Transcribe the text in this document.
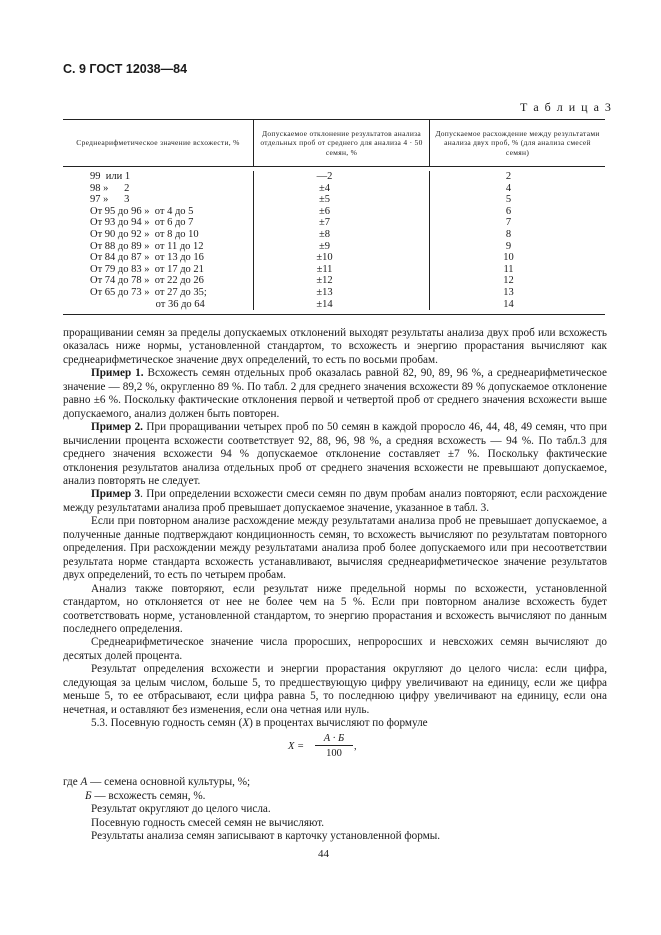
С. 9 ГОСТ 12038—84
Т а б л и ц а 3
Среднеарифметическое значение всхожести, %
Допускаемое отклонение результатов анализа отдельных проб от среднего для анализа 4 · 50 семян, %
Допускаемое расхождение между результатами анализа двух проб, % (для анализа смесей семян)
99  или 1
98 »      2
97 »      3
От 95 до 96 »  от 4 до 5
От 93 до 94 »  от 6 до 7
От 90 до 92 »  от 8 до 10
От 88 до 89 »  от 11 до 12
От 84 до 87 »  от 13 до 16
От 79 до 83 »  от 17 до 21
От 74 до 78 »  от 22 до 26
От 65 до 73 »  от 27 до 35;
от 36 до 64
—2
±4
±5
±6
±7
±8
±9
±10
±11
±12
±13
±14
2
4
5
6
7
8
9
10
11
12
13
14

проращивании семян за пределы допускаемых отклонений выходят результаты анализа двух проб или всхожесть оказалась ниже нормы, установленной стандартом, то всхожесть и энергию прорастания вычисляют как среднеарифметическое значение двух определений, то есть по восьми пробам.

Пример 1. Всхожесть семян отдельных проб оказалась равной 82, 90, 89, 96 %, а среднеарифметическое значение — 89,2 %, округленно 89 %. По табл. 2 для среднего значения всхожести 89 % допускаемое отклонение равно ±6 %. Поскольку фактические отклонения первой и четвертой проб от среднего значения всхожести выше допускаемого, анализ должен быть повторен.

Пример 2. При проращивании четырех проб по 50 семян в каждой проросло 46, 44, 48, 49 семян, что при вычислении процента всхожести соответствует 92, 88, 96, 98 %, а средняя всхожесть — 94 %. По табл.3 для среднего значения всхожести 94 % допускаемое отклонение составляет ±7 %. Поскольку фактические отклонения результатов анализа отдельных проб от среднего значения всхожести не превышают допускаемое, анализ повторять не следует.

Пример 3. При определении всхожести смеси семян по двум пробам анализ повторяют, если расхождение между результатами анализа проб превышает допускаемое значение, указанное в табл. 3.

Если при повторном анализе расхождение между результатами анализа проб не превышает допускаемое, а полученные данные подтверждают кондиционность семян, то всхожесть вычисляют по результатам повторного определения. При расхождении между результатами анализа проб более допускаемого или при несоответствии результата норме стандарта всхожесть устанавливают, вычисляя среднеарифметическое значение результатов двух определений, то есть по четырем пробам.

Анализ также повторяют, если результат ниже предельной нормы по всхожести, установленной стандартом, но отклоняется от нее не более чем на 5 %. Если при повторном анализе всхожесть будет соответствовать норме, установленной стандартом, то энергию прорастания и всхожесть вычисляют по данным последнего определения.

Среднеарифметическое значение числа проросших, непроросших и невсхожих семян вычисляют до десятых долей процента.

Результат определения всхожести и энергии прорастания округляют до целого числа: если цифра, следующая за целым числом, больше 5, то предшествующую цифру увеличивают на единицу, если же цифра меньше 5, то ее отбрасывают, если цифра равна 5, то последнюю цифру увеличивают на единицу, если она нечетная, и оставляют без изменения, если она четная или нуль.

5.3. Посевную годность семян (X) в процентах вычисляют по формуле

X =
А · Б
100
,

где А — семена основной культуры, %;

Б — всхожесть семян, %.

Результат округляют до целого числа.

Посевную годность смесей семян не вычисляют.

Результаты анализа семян записывают в карточку установленной формы.

44
